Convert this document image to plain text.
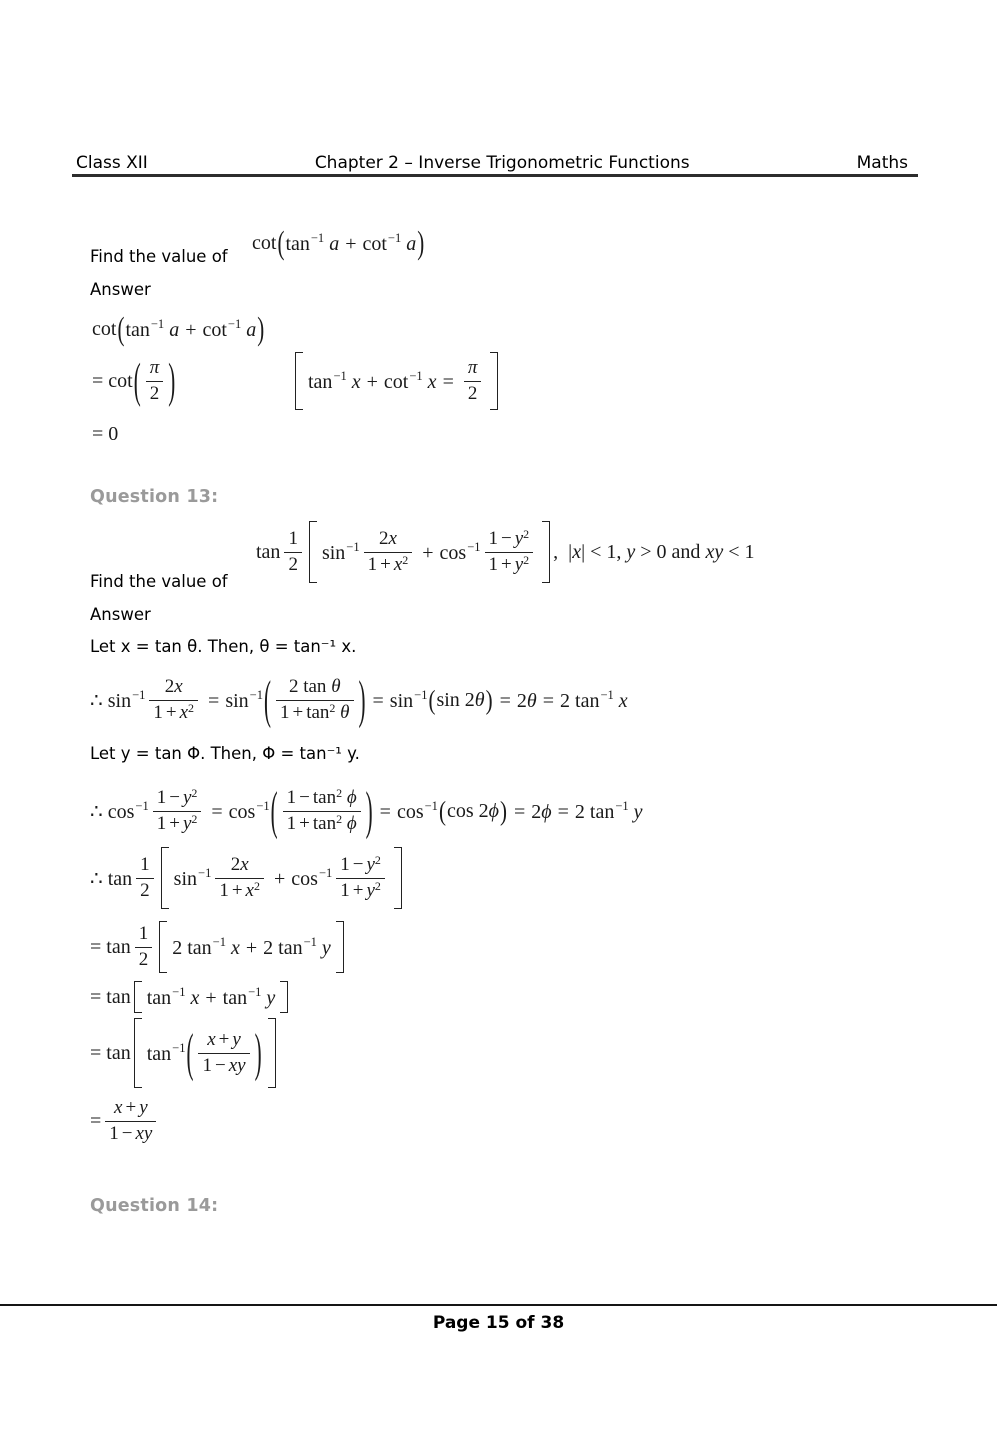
Class XII	Chapter 2 – Inverse Trigonometric Functions	Maths
Find the value of
cot ( $\tan^{-1} a + \cot^{-1} a$ )
Answer
cot ( $\tan^{-1} a + \cot^{-1} a$ )
= cot ( $\frac{\pi}{2}$ )	$\tan^{-1} x + \cot^{-1} x = \frac{\pi}{2}$
= 0
Question 13:
$\tan \frac{1}{2} \sin^{-1} \frac{2x}{1 + x^2} + \cos^{-1} \frac{1 - y^2}{1 + y^2}$ , |x| < 1, y > 0 and xy < 1
Find the value of
Answer
Let x = tan θ. Then, θ = tan⁻¹ x.
∴ $\sin^{-1} \frac{2x}{1 + x^2} = \sin^{-1}$ ( $\frac{\text{2 tan θ}}{1 + \tan^2 \theta}$ ) = $\sin^{-1}$ ( sin 2θ ) = 2θ = 2 $\tan^{-1} x$
Let y = tan Φ. Then, Φ = tan⁻¹ y.
∴ $\cos^{-1} \frac{1 - y^2}{1 + y^2} = \cos^{-1}$ ( $\frac{1 - \tan^2 \phi}{1 + \tan^2 \phi}$ ) = $\cos^{-1}$ ( cos 2ϕ ) = 2ϕ = 2 $\tan^{-1} y$
∴ $\tan \frac{1}{2} \sin^{-1} \frac{2x}{1 + x^2} + \cos^{-1} \frac{1 - y^2}{1 + y^2}$
= $\tan \frac{1}{2} 2$ $\tan^{-1} x + 2$ $\tan^{-1} y$
= $\tan \tan^{-1} x + \tan^{-1} y$
= $\tan \tan^{-1}$ ( $\frac{x + y}{1 - xy}$ )
= $\frac{x + y}{1 - xy}$
Question 14:
Page 15 of 38
